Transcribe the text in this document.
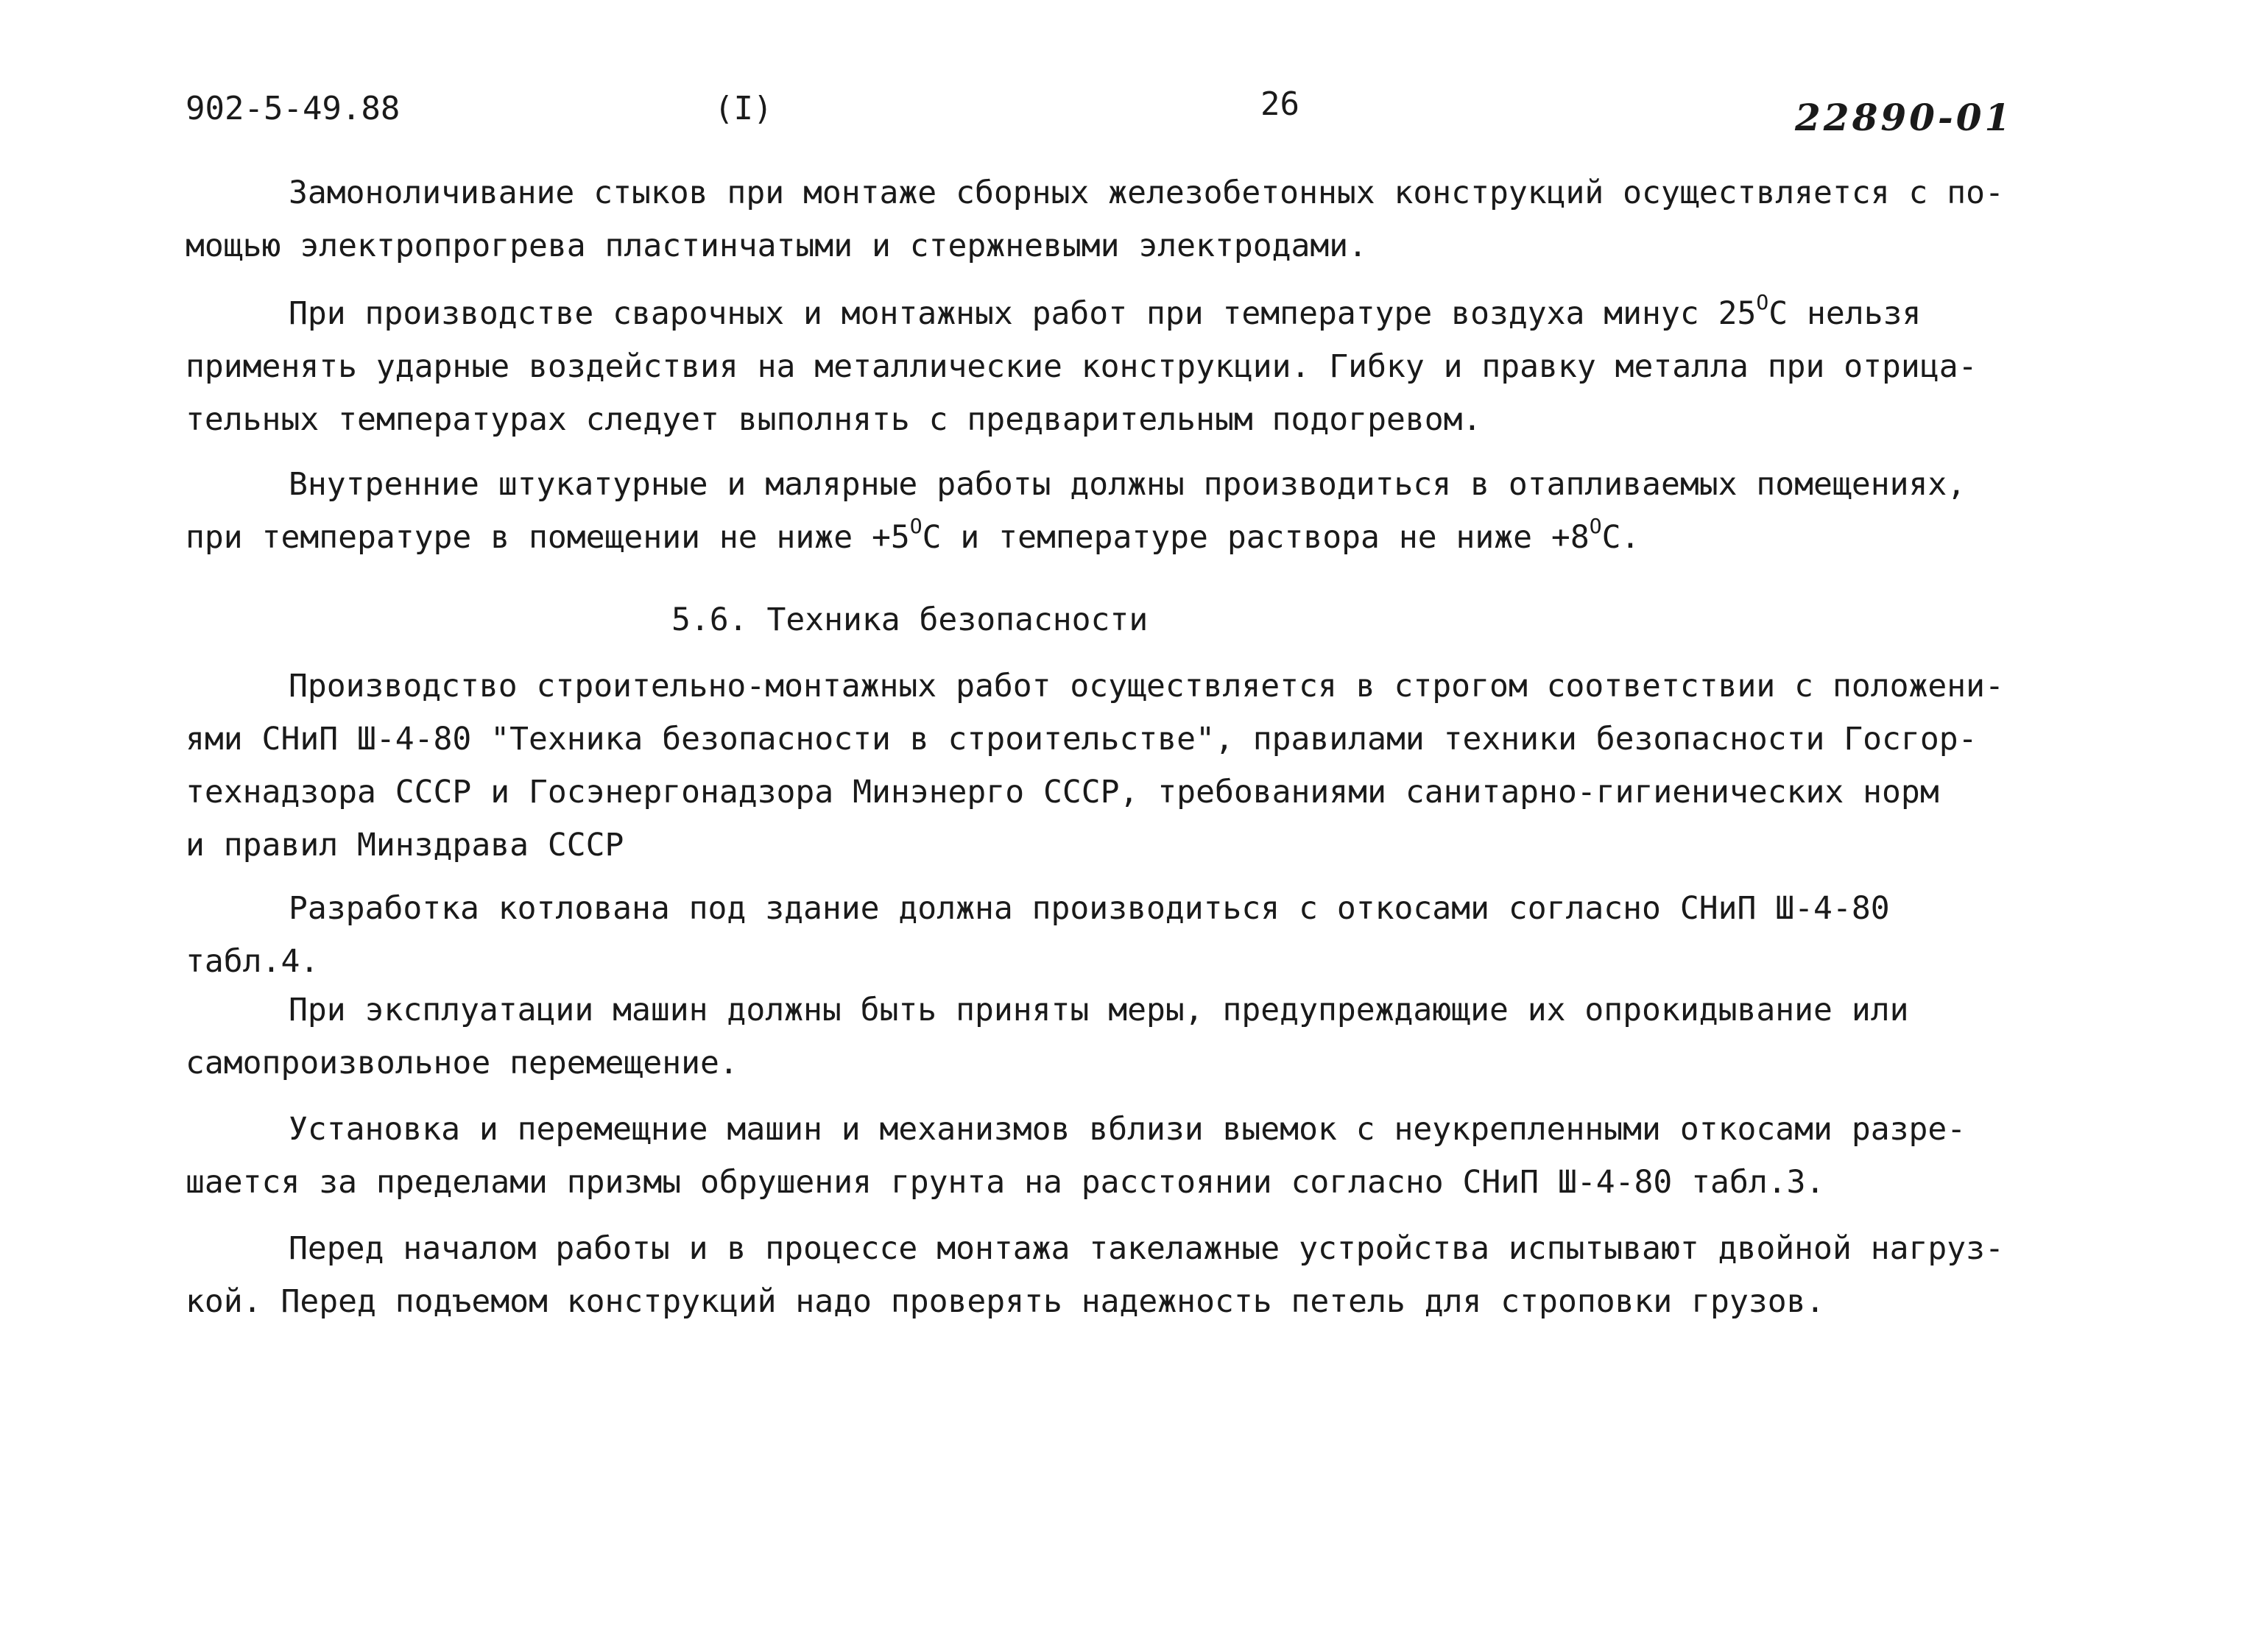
902-5-49.88	(I)	26	22890-01

Замоноличивание стыков при монтаже сборных железобетонных конструкций осуществляется с по-
мощью электропрогрева пластинчатыми и стержневыми электродами.

При производстве сварочных и монтажных работ при температуре воздуха минус $25^ОС$ нельзя
применять ударные воздействия на металлические конструкции. Гибку и правку металла при отрица-
тельных температурах следует выполнять с предварительным подогревом.

Внутренние штукатурные и малярные работы должны производиться в отапливаемых помещениях,
при температуре в помещении не ниже $+5^ОС$ и температуре раствора не ниже $+8^ОС$.

5.6. Техника безопасности

Производство строительно-монтажных работ осуществляется в строгом соответствии с положени-
ями СНиП Ш-4-80 "Техника безопасности в строительстве", правилами техники безопасности Госгор-
технадзора СССР и Госэнергонадзора Минэнерго СССР, требованиями санитарно-гигиенических норм
и правил Минздрава СССР

Разработка котлована под здание должна производиться с откосами согласно СНиП Ш-4-80
табл.4.

При эксплуатации машин должны быть приняты меры, предупреждающие их опрокидывание или
самопроизвольное перемещение.

Установка и перемещние машин и механизмов вблизи выемок с неукрепленными откосами разре-
шается за пределами призмы обрушения грунта на расстоянии согласно СНиП Ш-4-80 табл.3.

Перед началом работы и в процессе монтажа такелажные устройства испытывают двойной нагруз-
кой. Перед подъемом конструкций надо проверять надежность петель для строповки грузов.
